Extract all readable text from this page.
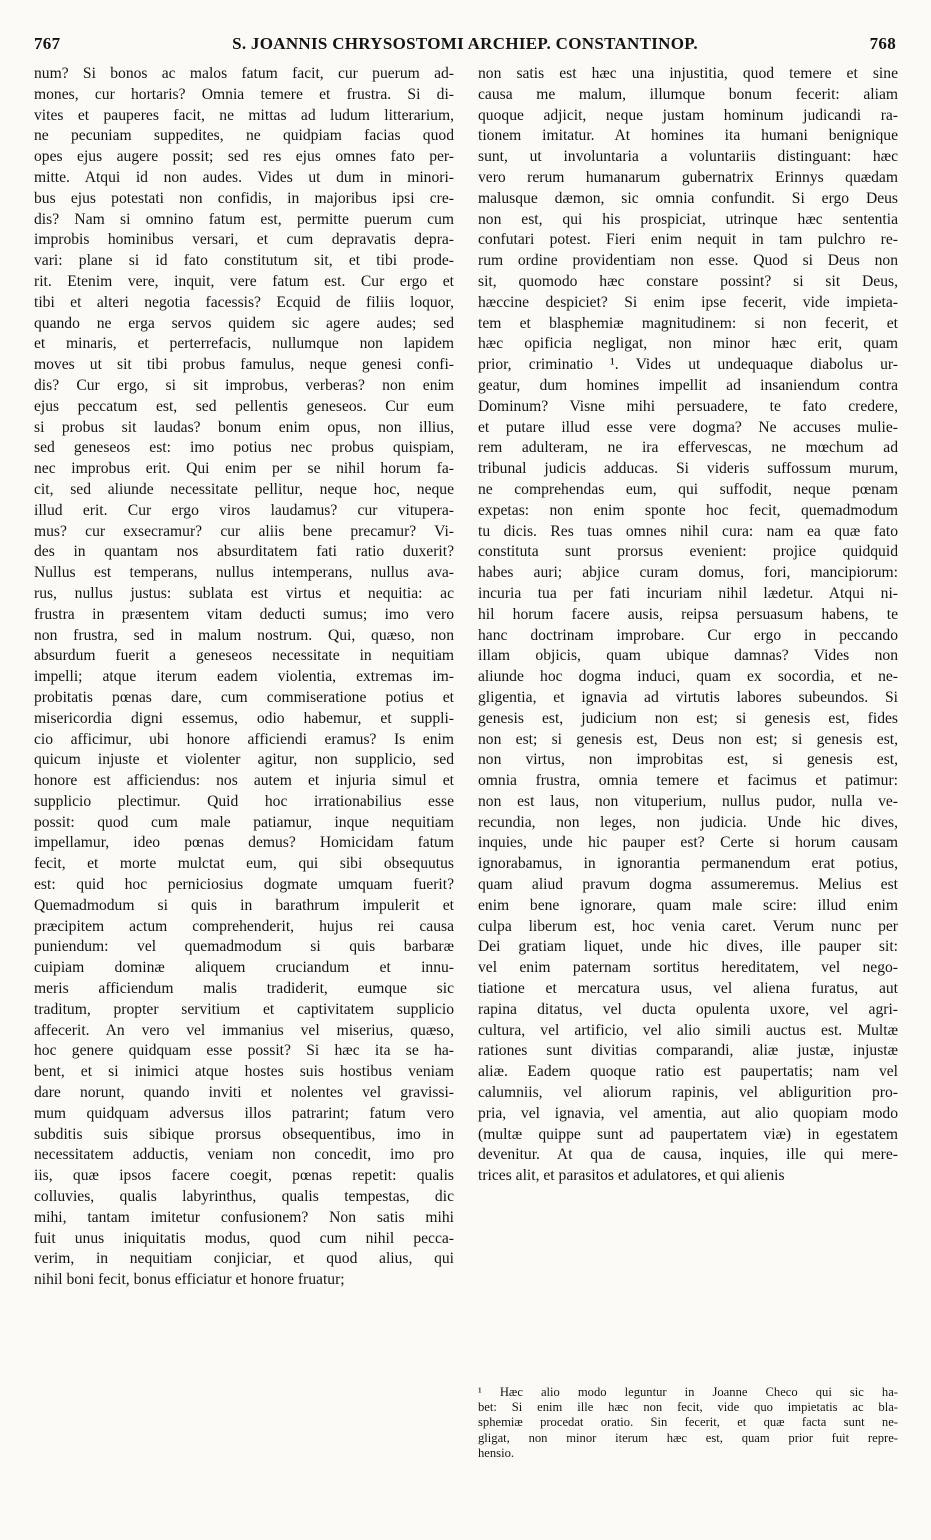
767	S. JOANNIS CHRYSOSTOMI ARCHIEP. CONSTANTINOP.	768
num? Si bonos ac malos fatum facit, cur puerum ad-
mones, cur hortaris? Omnia temere et frustra. Si di-
vites et pauperes facit, ne mittas ad ludum litterarium,
ne pecuniam suppedites, ne quidpiam facias quod
opes ejus augere possit; sed res ejus omnes fato per-
mitte. Atqui id non audes. Vides ut dum in minori-
bus ejus potestati non confidis, in majoribus ipsi cre-
dis? Nam si omnino fatum est, permitte puerum cum
improbis hominibus versari, et cum depravatis depra-
vari: plane si id fato constitutum sit, et tibi prode-
rit. Etenim vere, inquit, vere fatum est. Cur ergo et
tibi et alteri negotia facessis? Ecquid de filiis loquor,
quando ne erga servos quidem sic agere audes; sed
et minaris, et perterrefacis, nullumque non lapidem
moves ut sit tibi probus famulus, neque genesi confi-
dis? Cur ergo, si sit improbus, verberas? non enim
ejus peccatum est, sed pellentis geneseos. Cur eum
si probus sit laudas? bonum enim opus, non illius,
sed geneseos est: imo potius nec probus quispiam,
nec improbus erit. Qui enim per se nihil horum fa-
cit, sed aliunde necessitate pellitur, neque hoc, neque
illud erit. Cur ergo viros laudamus? cur vitupera-
mus? cur exsecramur? cur aliis bene precamur? Vi-
des in quantam nos absurditatem fati ratio duxerit?
Nullus est temperans, nullus intemperans, nullus ava-
rus, nullus justus: sublata est virtus et nequitia: ac
frustra in præsentem vitam deducti sumus; imo vero
non frustra, sed in malum nostrum. Qui, quæso, non
absurdum fuerit a geneseos necessitate in nequitiam
impelli; atque iterum eadem violentia, extremas im-
probitatis pœnas dare, cum commiseratione potius et
misericordia digni essemus, odio habemur, et suppli-
cio afficimur, ubi honore afficiendi eramus? Is enim
quicum injuste et violenter agitur, non supplicio, sed
honore est afficiendus: nos autem et injuria simul et
supplicio plectimur. Quid hoc irrationabilius esse
possit: quod cum male patiamur, inque nequitiam
impellamur, ideo pœnas demus? Homicidam fatum
fecit, et morte mulctat eum, qui sibi obsequutus
est: quid hoc perniciosius dogmate umquam fuerit?
Quemadmodum si quis in barathrum impulerit et
præcipitem actum comprehenderit, hujus rei causa
puniendum: vel quemadmodum si quis barbaræ
cuipiam dominæ aliquem cruciandum et innu-
meris afficiendum malis tradiderit, eumque sic
traditum, propter servitium et captivitatem supplicio
affecerit. An vero vel immanius vel miserius, quæso,
hoc genere quidquam esse possit? Si hæc ita se ha-
bent, et si inimici atque hostes suis hostibus veniam
dare norunt, quando inviti et nolentes vel gravissi-
mum quidquam adversus illos patrarint; fatum vero
subditis suis sibique prorsus obsequentibus, imo in
necessitatem adductis, veniam non concedit, imo pro
iis, quæ ipsos facere coegit, pœnas repetit: qualis
colluvies, qualis labyrinthus, qualis tempestas, dic
mihi, tantam imitetur confusionem? Non satis mihi
fuit unus iniquitatis modus, quod cum nihil pecca-
verim, in nequitiam conjiciar, et quod alius, qui
nihil boni fecit, bonus efficiatur et honore fruatur;
non satis est hæc una injustitia, quod temere et sine
causa me malum, illumque bonum fecerit: aliam
quoque adjicit, neque justam hominum judicandi ra-
tionem imitatur. At homines ita humani benignique
sunt, ut involuntaria a voluntariis distinguant: hæc
vero rerum humanarum gubernatrix Erinnys quædam
malusque dæmon, sic omnia confundit. Si ergo Deus
non est, qui his prospiciat, utrinque hæc sententia
confutari potest. Fieri enim nequit in tam pulchro re-
rum ordine providentiam non esse. Quod si Deus non
sit, quomodo hæc constare possint? si sit Deus,
hæccine despiciet? Si enim ipse fecerit, vide impieta-
tem et blasphemiæ magnitudinem: si non fecerit, et
hæc opificia negligat, non minor hæc erit, quam
prior, criminatio ¹. Vides ut undequaque diabolus ur-
geatur, dum homines impellit ad insaniendum contra
Dominum? Visne mihi persuadere, te fato credere,
et putare illud esse vere dogma? Ne accuses mulie-
rem adulteram, ne ira effervescas, ne mœchum ad
tribunal judicis adducas. Si videris suffossum murum,
ne comprehendas eum, qui suffodit, neque pœnam
expetas: non enim sponte hoc fecit, quemadmodum
tu dicis. Res tuas omnes nihil cura: nam ea quæ fato
constituta sunt prorsus evenient: projice quidquid
habes auri; abjice curam domus, fori, mancipiorum:
incuria tua per fati incuriam nihil lædetur. Atqui ni-
hil horum facere ausis, reipsa persuasum habens, te
hanc doctrinam improbare. Cur ergo in peccando
illam objicis, quam ubique damnas? Vides non
aliunde hoc dogma induci, quam ex socordia, et ne-
gligentia, et ignavia ad virtutis labores subeundos. Si
genesis est, judicium non est; si genesis est, fides
non est; si genesis est, Deus non est; si genesis est,
non virtus, non improbitas est, si genesis est,
omnia frustra, omnia temere et facimus et patimur:
non est laus, non vituperium, nullus pudor, nulla ve-
recundia, non leges, non judicia. Unde hic dives,
inquies, unde hic pauper est? Certe si horum causam
ignorabamus, in ignorantia permanendum erat potius,
quam aliud pravum dogma assumeremus. Melius est
enim bene ignorare, quam male scire: illud enim
culpa liberum est, hoc venia caret. Verum nunc per
Dei gratiam liquet, unde hic dives, ille pauper sit:
vel enim paternam sortitus hereditatem, vel nego-
tiatione et mercatura usus, vel aliena furatus, aut
rapina ditatus, vel ducta opulenta uxore, vel agri-
cultura, vel artificio, vel alio simili auctus est. Multæ
rationes sunt divitias comparandi, aliæ justæ, injustæ
aliæ. Eadem quoque ratio est paupertatis; nam vel
calumniis, vel aliorum rapinis, vel abligurition pro-
pria, vel ignavia, vel amentia, aut alio quopiam modo
(multæ quippe sunt ad paupertatem viæ) in egestatem
devenitur. At qua de causa, inquies, ille qui mere-
trices alit, et parasitos et adulatores, et qui alienis
¹ Hæc alio modo leguntur in Joanne Checo qui sic ha-
bet: Si enim ille hæc non fecit, vide quo impietatis ac bla-
sphemiæ procedat oratio. Sin fecerit, et quæ facta sunt ne-
gligat, non minor iterum hæc est, quam prior fuit repre-
hensio.
